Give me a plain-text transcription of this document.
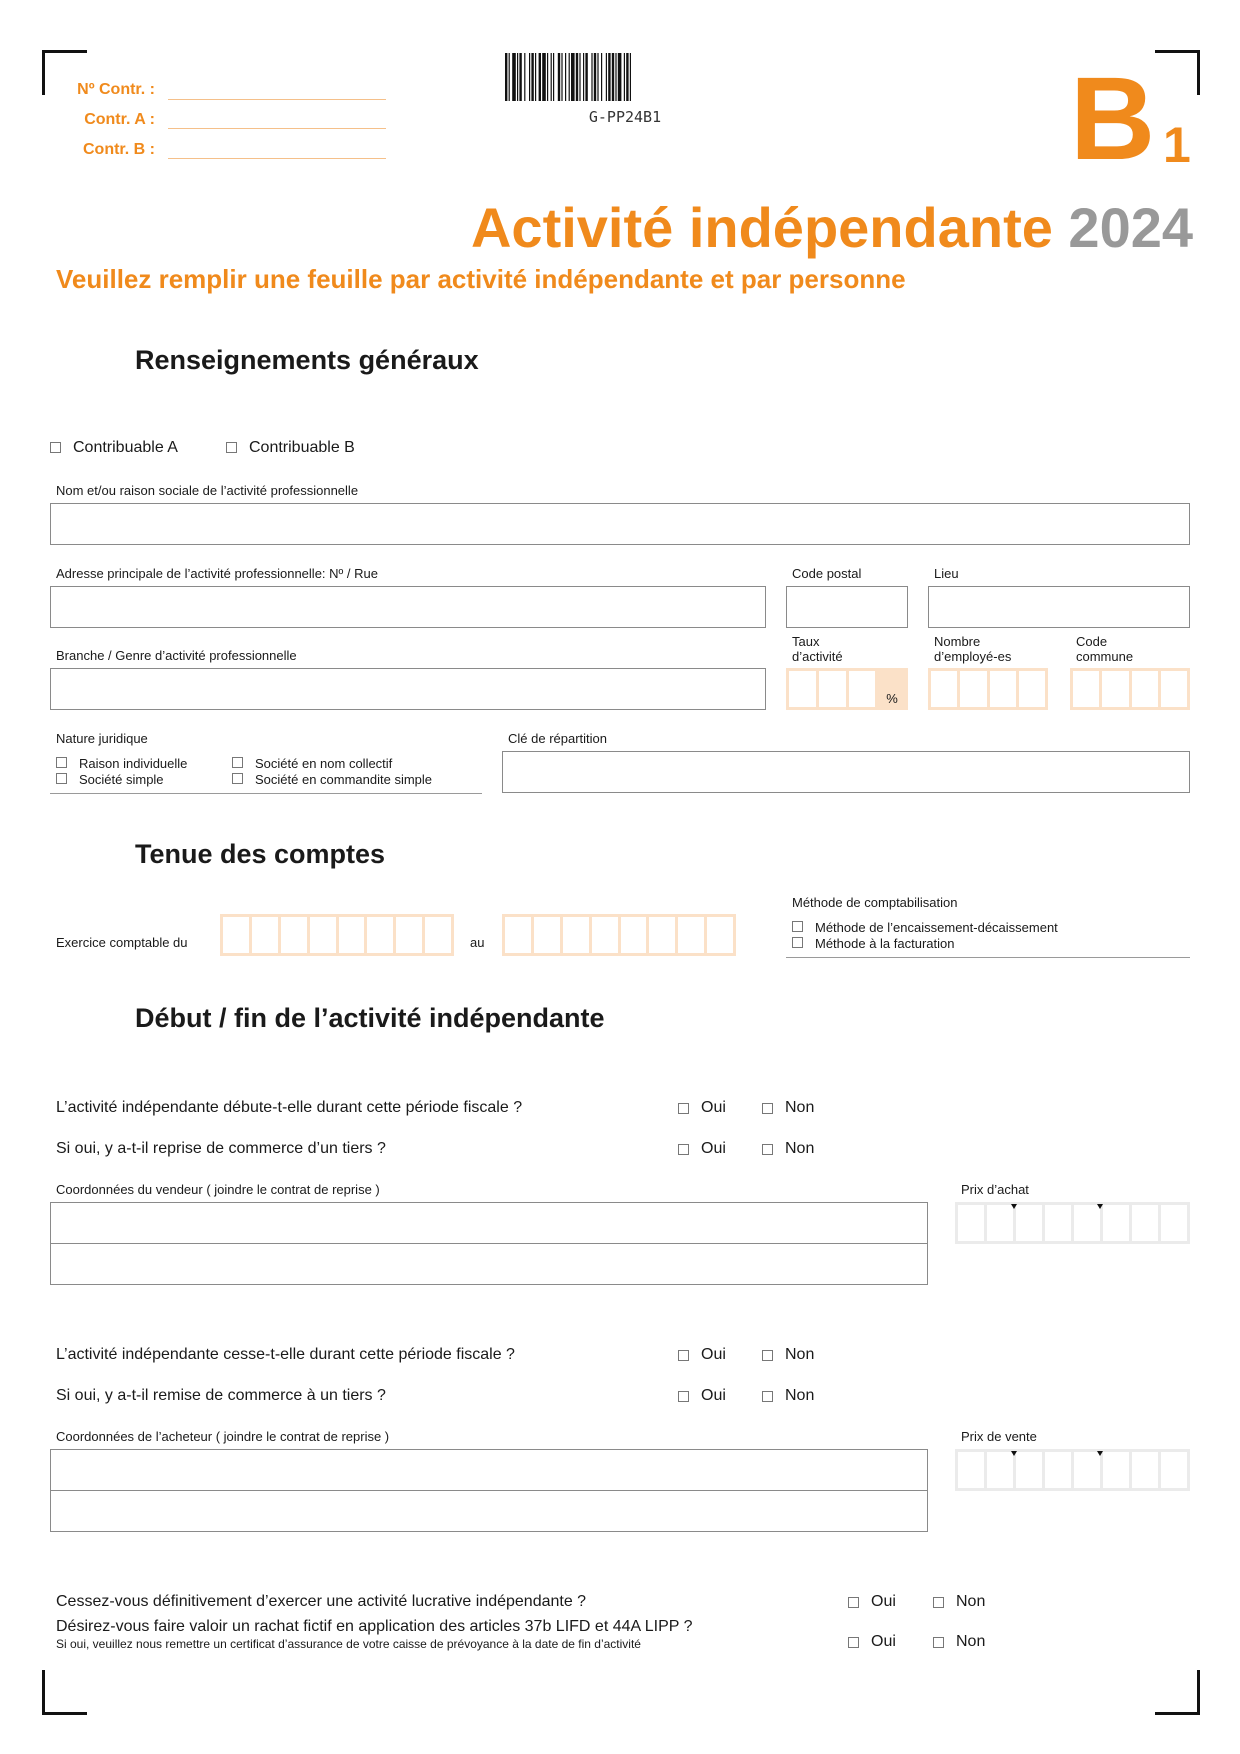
Nº Contr. :
Contr. A :
Contr. B :
G-PP24B1	B 1
Activité indépendante 2024
Veuillez remplir une feuille par activité indépendante et par personne
Renseignements généraux
Contribuable A	Contribuable B
Nom et/ou raison sociale de l’activité professionnelle
Adresse principale de l’activité professionnelle: Nº / Rue	Code postal	Lieu
Branche / Genre d’activité professionnelle
Taux
d’activité
%
Nombre
d’employé-es
Code
commune
Nature juridique
Raison individuelle
Société simple
Société en nom collectif
Société en commandite simple
Clé de répartition
Tenue des comptes
Exercice comptable du	au
Méthode de comptabilisation
Méthode de l’encaissement-décaissement
Méthode à la facturation
Début / fin de l’activité indépendante
L’activité indépendante débute-t-elle durant cette période fiscale ?	Oui	Non
Si oui, y a-t-il reprise de commerce d’un tiers ?	Oui	Non
Coordonnées du vendeur ( joindre le contrat de reprise )	Prix d’achat
L’activité indépendante cesse-t-elle durant cette période fiscale ?	Oui	Non
Si oui, y a-t-il remise de commerce à un tiers ?	Oui	Non
Coordonnées de l’acheteur ( joindre le contrat de reprise )	Prix de vente
Cessez-vous définitivement d’exercer une activité lucrative indépendante ?	Oui	Non
Désirez-vous faire valoir un rachat fictif en application des articles 37b LIFD et 44A LIPP ?
Si oui, veuillez nous remettre un certificat d’assurance de votre caisse de prévoyance à la date de fin d’activité	Oui	Non
